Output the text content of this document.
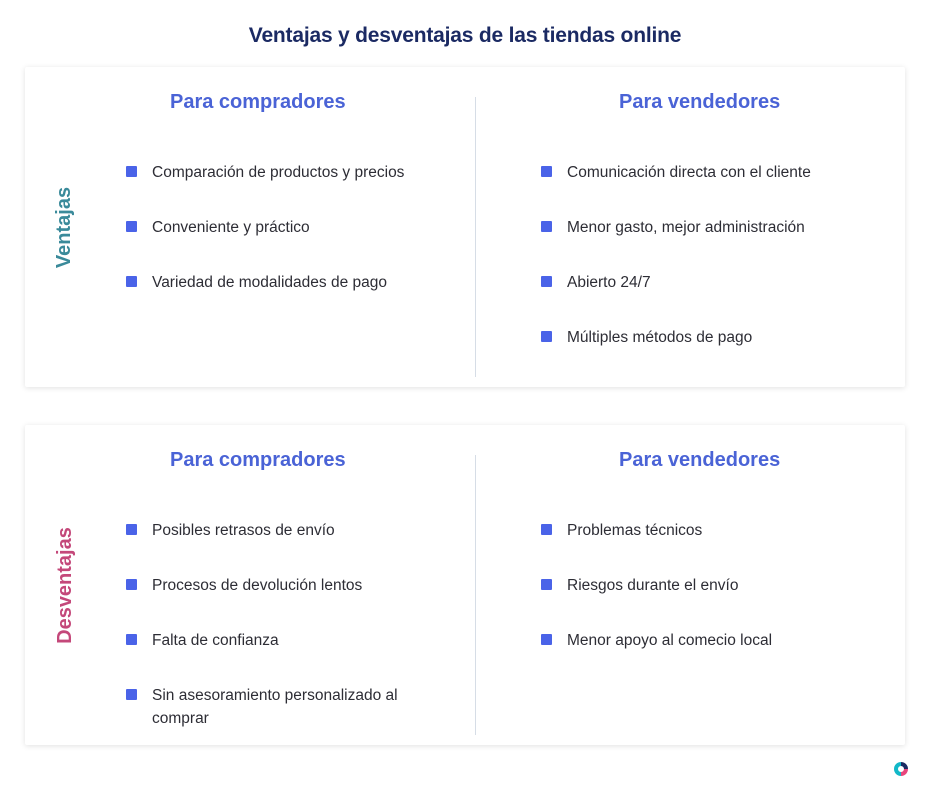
Ventajas y desventajas de las tiendas online
Ventajas
Para compradores
Comparación de productos y precios
Conveniente y práctico
Variedad de modalidades de pago
Para vendedores
Comunicación directa con el cliente
Menor gasto, mejor administración
Abierto 24/7
Múltiples métodos de pago
Desventajas
Para compradores
Posibles retrasos de envío
Procesos de devolución lentos
Falta de confianza
Sin asesoramiento personalizado al comprar
Para vendedores
Problemas técnicos
Riesgos durante el envío
Menor apoyo al comecio local
